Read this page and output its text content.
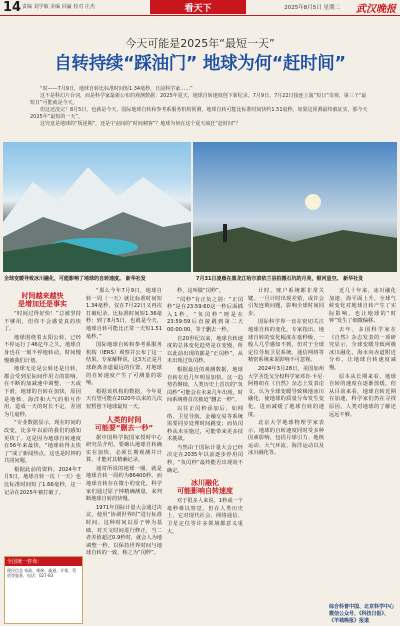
14 责编 刘学敏 美编 回赢 校对 庄杰	看天下	2025年8月5日 星期二 武汉晚报
今天可能是2025年“最短一天”
自转持续“踩油门” 地球为何“赶时间”

“时——7月9日，地球自转比标准时间短1.34毫秒，日前科学家……”

这不是科幻片台词，而是科学家最新公布的观测数据：2025年夏天，地球自转速度创下新纪录。7月9日、7月22日接连上演“短日”奇观，第三个“最短日”可能就是今天。

但这还没完！8月5日，也就是今天，国际地球自转和参考系服务机构预测，地球自转可能比标准时间快约1.51毫秒。如果这预测最终被证实，那今天2025年“最短的一天”。

这究竟是地球的“叛逆期”，还是宇宙间的“时间刺客”？地球为何在这个夏天疯狂“赶时间”？

全球变暖导致冰川融化，可能影响了地球的自转速度。 新华社发	7月31日凌晨在黑龙江哈尔滨依兰县拍摄石坑的月亮，银河星空。 新华社发
时间越来越快
是增加还是事实

“时间过得好快！”总被坚持不够用，但你不会感觉真的快了。

地球围绕着太阳公转，已经不停运行了46亿年之久。地球自身也在一刻不停地转动，时间慢慢被我们计划。

地球无论是公转还是自转，都会受到星际间作用力的影响。在不断的加减速中调整，一天或下滑，地球的自转在加快，原因是地核、海洋和大气的相互作用，造成一天的时长不定，差别为几毫秒。

“专业数据显示，现在时间的改变，比多年以前的我们的感知更快了。这是因为地球自转速度在56年来最快，“地球转得太快了”成了新闻热点，这也是时钟的共同问题。

根据此前的资料，2024年7月5日，地球自转一次（一天）也比标准时间短了1.66毫秒，这一记录在2025年被打破了。

全国统一咨询：
便民信息 家政、维修、疏通、开锁、管道等服务，电话：027-83

“那么今年7月9日，地球自转一周（一天）就比标准时间短1.34毫秒，仅在7月22日又再次打破纪录，比标准时间短1.36毫秒；到了8月5日，也就是今天，地球自转可能比正常一天短1.51毫秒。”

国际地球自转和参考系服务机构（IERS）观察并公布了这一结果。专家解释说，这3天正是月球距离赤道最远的位置，对地球的自转速度产生了可测量的影响。

根据该机构的数据，今年夏天有望可能在2020年以来的几次短暂创下地球最短一天。

人类的时间
可能要“删去一秒”

据中国科学院国家授时中心研究员介绍，要确认地球自转确实在加快，必须长期观测并计算，才能对其精确记录。

通常所说的地球一圈，就是地球自转一周约为86400秒。而地球自转存在微小的变化，科学家们通过原子钟精确测量，来判断地球自转的快慢。

1971年国际计量大会通过决议，使用“协调世界时”进行标准时间。这种时间以原子钟为基础，对天文时间进行修正，当二者差值超过0.9秒时，就会人为地调整一秒，以保持世界时间与地球自转的一致，称之为“闰秒”。

秒，这叫做“闰秒”。

“闰秒”有正负之别：“正闰秒”是在23:59:60这一秒后面插入1秒，“负闰秒”则是在23:59:59后直接跳到第二天00:00:00，等于删去一秒。

自20世纪以来，地球自转速度的总体变化趋势是在变慢，所以此前出现的都是“正闰秒”，从未出现过负闰秒。

根据最近的观测数据，地球自转在近几年明显加快。这一趋势若继续，人类历史上首次的“负闰秒”可能会在未来几年出现，时间系统将首次被迫“删去一秒”。

以往正闰秒添加后，如网络、卫星导航、金融交易等系统需要同步处理时间跳变；而负闰秒从未实施过，可能带来更多技术挑战。

当然由于国际计量大会已经决定在2035年以前逐步停用闰秒，“负闰秒”最终能否出现尚不确定。

冰川融化
可能影响自转速度

对于很多人来说，1秒或一个毫秒难以察觉，但在人类历史上，它对现代社会、网络通信、卫星定位等许多领域都意义重大。

计时、账户系统都非常关键。一旦计时出现差错，或许会引发连锁问题，影响全球时间同步。

国际科学界一直在密切关注地球自转的变化。专家指出，地球自转的变化幅度在毫秒级，一般人几乎感知不到，但对于全球定位导航卫星系统、通信网络等精密系统来说影响不可忽视。

2024年3月28日，美国加州大学圣迭戈分校科学家邓肯·卡尼·阿格纽在《自然》杂志上发表论文，认为全球变暖导致极地冰川融化，使地球的质量分布发生变化，进而减缓了地球自转的速度。

北京大学地球物理学家表示，地球的自转速度同时受多种因素影响，包括月球引力、地核运动、大气环流、海洋运动以及冰川融化等。

近几十年来，冰川融化加速，海平面上升，全球气候变化对地球自转产生了实际影响，也让地球的“时钟”发生了细微偏移。

去年，多国科学家在《自然》杂志发表的一项研究显示，全球变暖导致两极冰川融化，海水向赤道附近分布，让地球自转速度减慢。

原本从长期来看，地球自转的速度在逐渐放缓。但从目前来看，地球自转近期在加速，科学家们仍在寻找原因，人类对地球的了解还远远不够。

综合科普中国、北京科学中心微信公众号、《科技日报》、《羊城晚报》报道
